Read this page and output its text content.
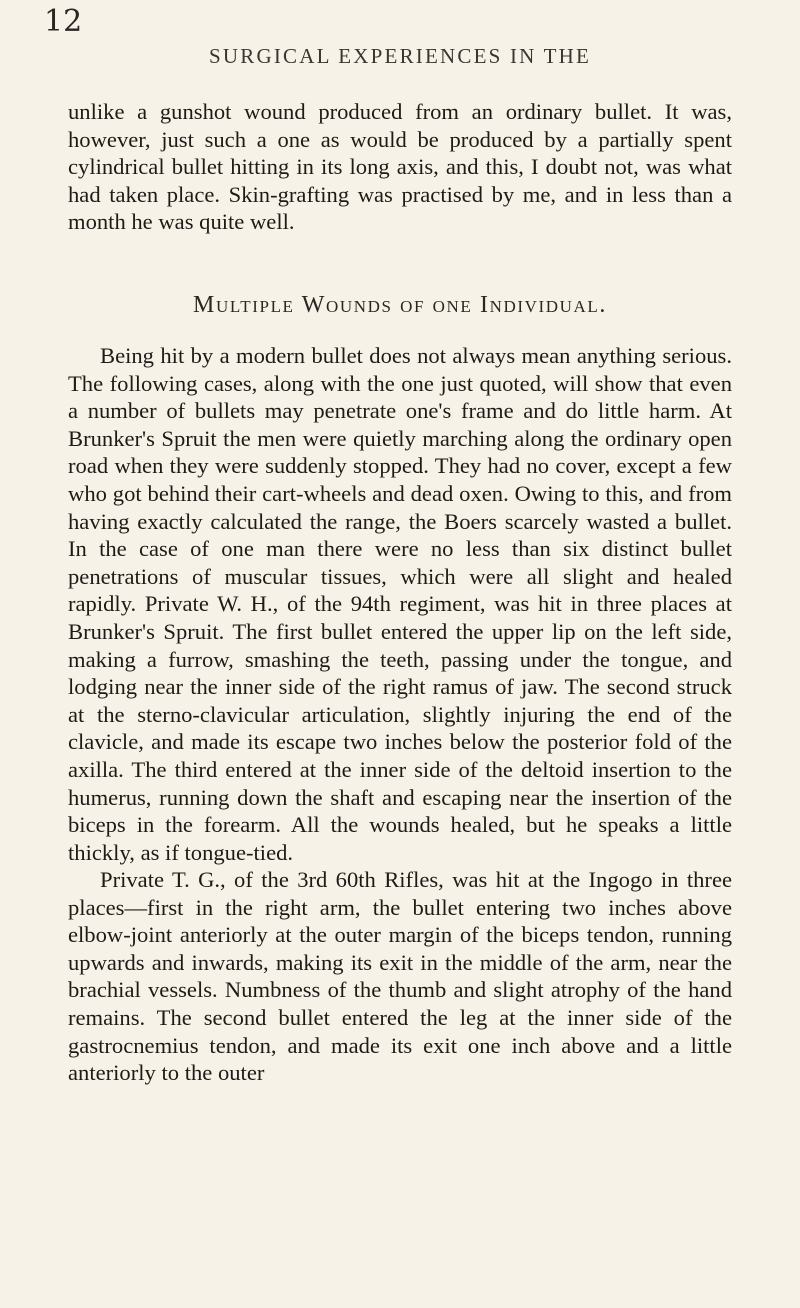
12
SURGICAL EXPERIENCES IN THE
unlike a gunshot wound produced from an ordinary bullet. It was, however, just such a one as would be produced by a partially spent cylindrical bullet hitting in its long axis, and this, I doubt not, was what had taken place. Skin-grafting was practised by me, and in less than a month he was quite well.
Multiple Wounds of one Individual.
Being hit by a modern bullet does not always mean anything serious. The following cases, along with the one just quoted, will show that even a number of bullets may penetrate one's frame and do little harm. At Brunker's Spruit the men were quietly marching along the ordinary open road when they were suddenly stopped. They had no cover, except a few who got behind their cart-wheels and dead oxen. Owing to this, and from having exactly calculated the range, the Boers scarcely wasted a bullet. In the case of one man there were no less than six distinct bullet penetrations of muscular tissues, which were all slight and healed rapidly. Private W. H., of the 94th regiment, was hit in three places at Brunker's Spruit. The first bullet entered the upper lip on the left side, making a furrow, smashing the teeth, passing under the tongue, and lodging near the inner side of the right ramus of jaw. The second struck at the sterno-clavicular articulation, slightly injuring the end of the clavicle, and made its escape two inches below the posterior fold of the axilla. The third entered at the inner side of the deltoid insertion to the humerus, running down the shaft and escaping near the insertion of the biceps in the forearm. All the wounds healed, but he speaks a little thickly, as if tongue-tied.
Private T. G., of the 3rd 60th Rifles, was hit at the Ingogo in three places—first in the right arm, the bullet entering two inches above elbow-joint anteriorly at the outer margin of the biceps tendon, running upwards and inwards, making its exit in the middle of the arm, near the brachial vessels. Numbness of the thumb and slight atrophy of the hand remains. The second bullet entered the leg at the inner side of the gastrocnemius tendon, and made its exit one inch above and a little anteriorly to the outer
